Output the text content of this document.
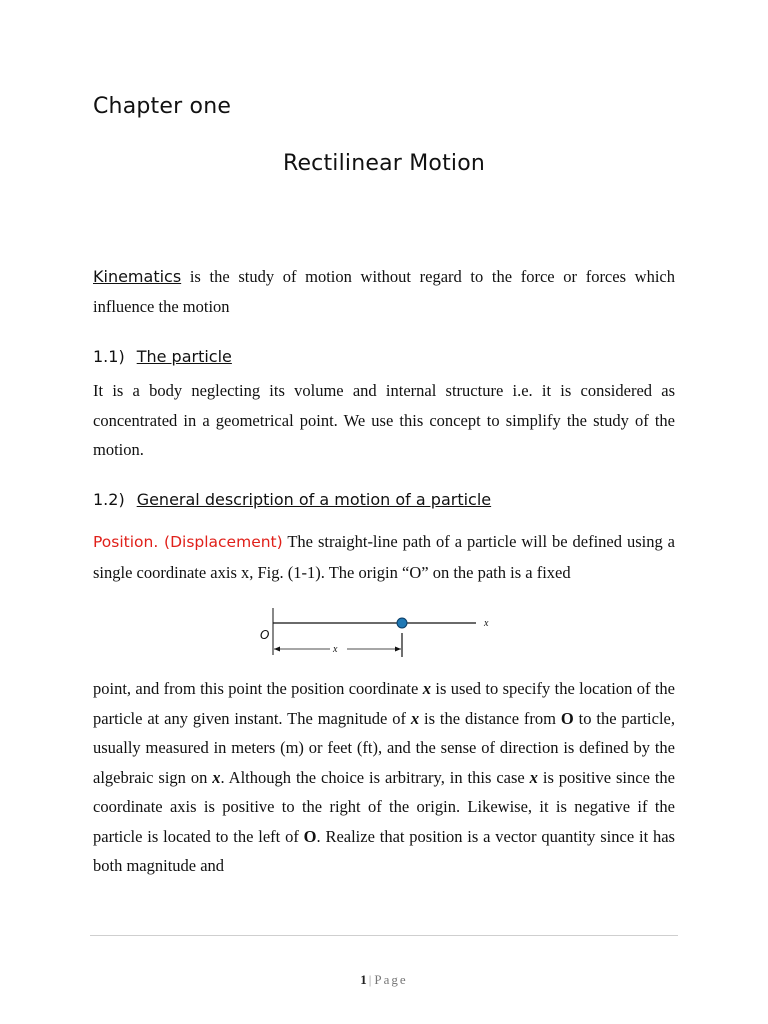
Chapter one
Rectilinear Motion

Kinematics is the study of motion without regard to the force or forces which influence the motion

1.1) The particle

It is a body neglecting its volume and internal structure i.e. it is considered as concentrated in a geometrical point. We use this concept to simplify the study of the motion.

1.2) General description of a motion of a particle

Position. (Displacement) The straight-line path of a particle will be defined using a single coordinate axis x, Fig. (1-1). The origin “O” on the path is a fixed

O
x
x

point, and from this point the position coordinate x is used to specify the location of the particle at any given instant. The magnitude of x is the distance from O to the particle, usually measured in meters (m) or feet (ft), and the sense of direction is defined by the algebraic sign on x. Although the choice is arbitrary, in this case x is positive since the coordinate axis is positive to the right of the origin. Likewise, it is negative if the particle is located to the left of O. Realize that position is a vector quantity since it has both magnitude and

1 | Page
